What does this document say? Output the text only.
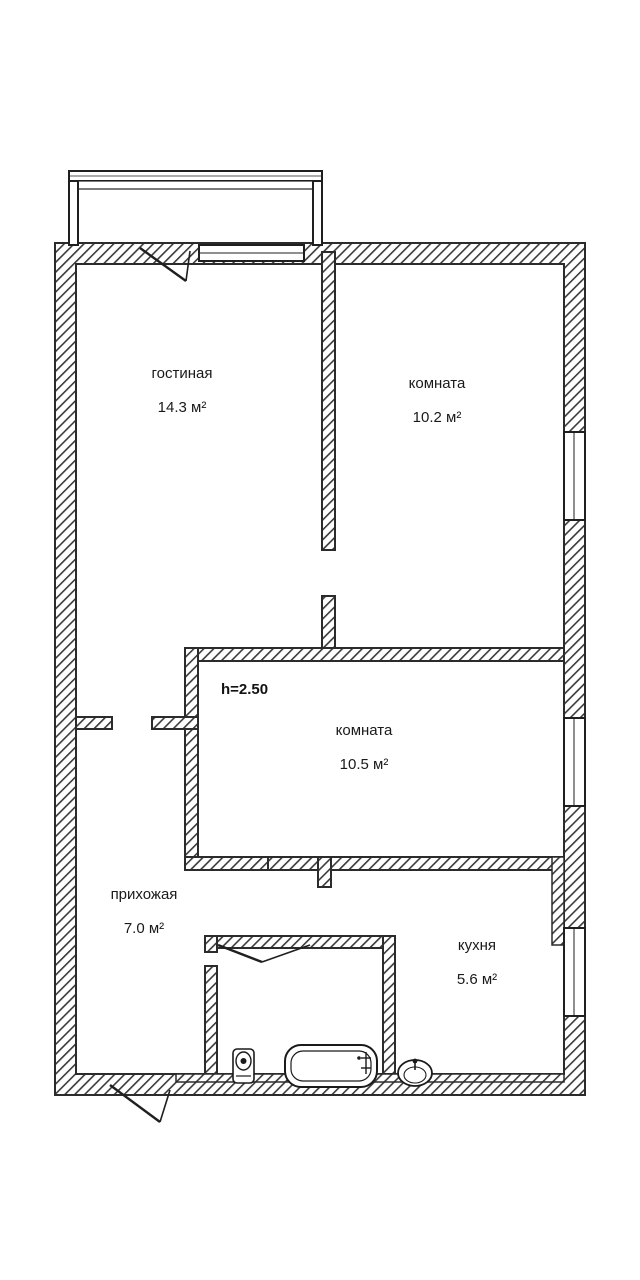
гостиная
14.3 м²
комната
10.2 м²
комната
10.5 м²
прихожая
7.0 м²
кухня
5.6 м²
h=2.50
